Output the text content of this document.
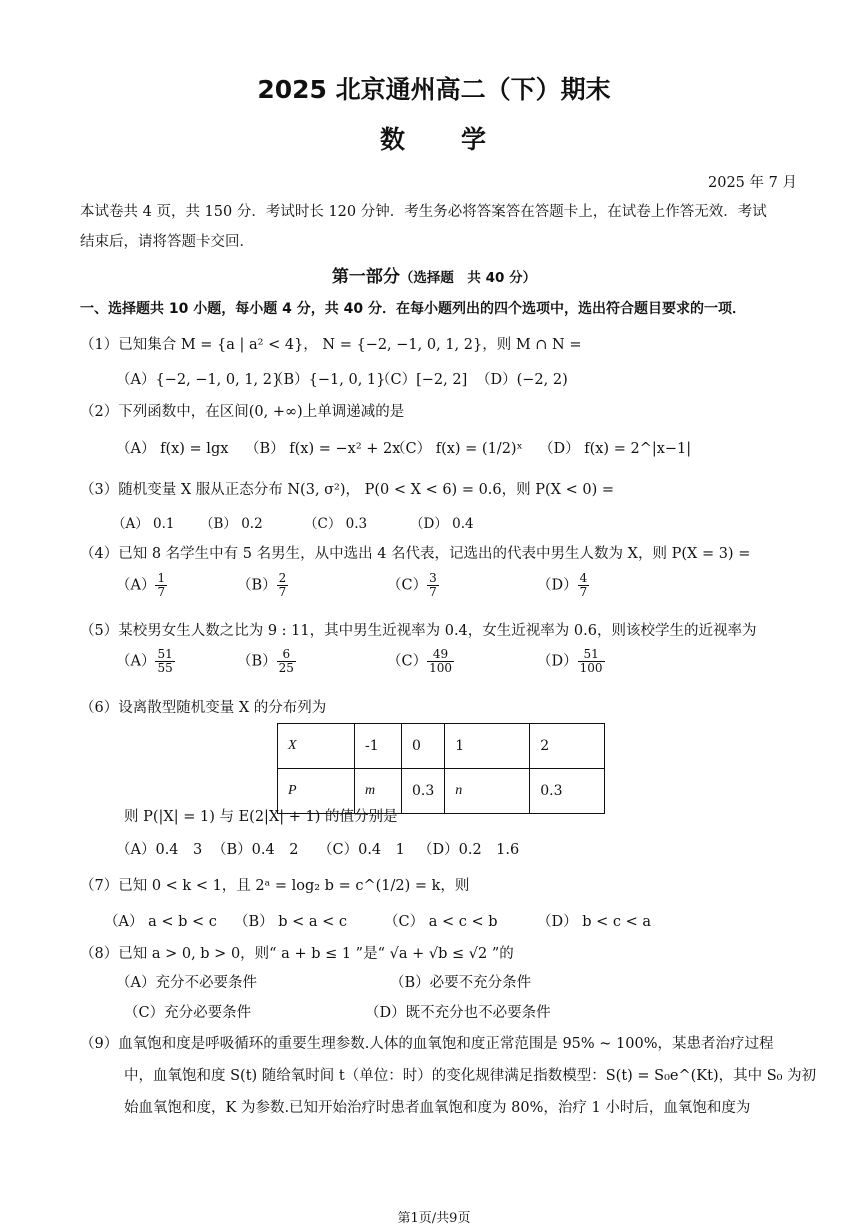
2025 北京通州高二（下）期末
数　　学
2025 年 7 月
本试卷共 4 页，共 150 分．考试时长 120 分钟．考生务必将答案答在答题卡上，在试卷上作答无效．考试
结束后，请将答题卡交回．
第一部分（选择题　共 40 分）
一、选择题共 10 小题，每小题 4 分，共 40 分．在每小题列出的四个选项中，选出符合题目要求的一项．
（1）已知集合 M = {a | a² < 4}， N = {−2, −1, 0, 1, 2}，则 M ∩ N =
（A）{−2, −1, 0, 1, 2}
（B）{−1, 0, 1}
（C）[−2, 2] （D）(−2, 2)
（2）下列函数中，在区间(0, +∞)上单调递减的是
（A） f(x) = lgx （B） f(x) = −x² + 2x
（C） f(x) = (1/2)ˣ （D） f(x) = 2^|x−1|
（3）随机变量 X 服从正态分布 N(3, σ²)， P(0 < X < 6) = 0.6，则 P(X < 0) =
（A） 0.1 （B） 0.2	（C） 0.3	（D） 0.4
（4）已知 8 名学生中有 5 名男生，从中选出 4 名代表，记选出的代表中男生人数为 X，则 P(X = 3) =
$(A) \frac{1}{7}$	$(B) \frac{2}{7}$	$(C) \frac{3}{7}$	$(D) \frac{4}{7}$
（5）某校男女生人数之比为 9 : 11，其中男生近视率为 0.4，女生近视率为 0.6，则该校学生的近视率为
$(A) \frac{51}{55}$	$(B) \frac{6}{25}$	$(C) \frac{49}{100}$	$(D) \frac{51}{100}$
（6）设离散型随机变量 X 的分布列为
X	-1	0	1	2
P	m	0.3	n	0.3
则 P(|X| = 1) 与 E(2|X| + 1) 的值分别是
（A）0.4　3 （B）0.4　2 （C）0.4　1 （D）0.2　1.6
（7）已知 0 < k < 1，且 2ᵃ = log₂ b = c^(1/2) = k，则
（A） a < b < c （B） b < a < c	（C） a < c < b	（D） b < c < a
（8）已知 a > 0, b > 0，则“ a + b ≤ 1 ”是“ √a + √b ≤ √2 ”的
（A）充分不必要条件	（B）必要不充分条件
（C）充分必要条件	（D）既不充分也不必要条件
（9）血氧饱和度是呼吸循环的重要生理参数.人体的血氧饱和度正常范围是 95% ~ 100%，某患者治疗过程
中，血氧饱和度 S(t) 随给氧时间 t（单位：时）的变化规律满足指数模型：S(t) = S₀e^(Kt)，其中 S₀ 为初
始血氧饱和度，K 为参数.已知开始治疗时患者血氧饱和度为 80%，治疗 1 小时后，血氧饱和度为
第1页/共9页
